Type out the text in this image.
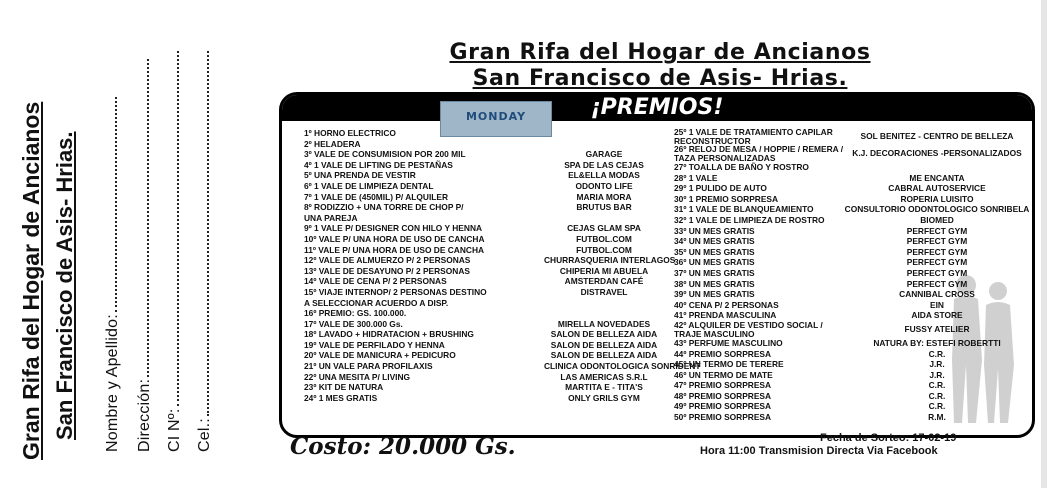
Gran Rifa del Hogar de Ancianos San Francisco de Asis- Hrias. Nombre y Apellido: Dirección: CI Nº: Cel.:
Gran Rifa del Hogar de Ancianos
San Francisco de Asis- Hrias.
¡PREMIOS!
MONDAY
1º HORNO ELECTRICO
2º HELADERA
3º VALE DE CONSUMISION POR 200 MIL	GARAGE
4º 1 VALE DE LIFTING DE PESTAÑAS	SPA DE LAS CEJAS
5º UNA PRENDA DE VESTIR	EL&ELLA MODAS
6º 1 VALE DE LIMPIEZA DENTAL	ODONTO LIFE
7º 1 VALE DE (450MIL) P/ ALQUILER	MARIA MORA
8º RODIZZIO + UNA TORRE DE CHOP P/	BRUTUS BAR
UNA PAREJA
9º 1 VALE P/ DESIGNER CON HILO Y HENNA	CEJAS GLAM SPA
10º VALE P/ UNA HORA DE USO DE CANCHA	FUTBOL.COM
11º VALE P/ UNA HORA DE USO DE CANCHA	FUTBOL.COM
12º VALE DE ALMUERZO P/ 2 PERSONAS	CHURRASQUERIA INTERLAGOS
13º VALE DE DESAYUNO P/ 2 PERSONAS	CHIPERIA MI ABUELA
14º VALE DE CENA P/ 2 PERSONAS	AMSTERDAN CAFÉ
15º VIAJE INTERNOP/ 2 PERSONAS DESTINO	DISTRAVEL
A SELECCIONAR ACUERDO A DISP.
16º PREMIO: GS. 100.000.
17º VALE DE 300.000 Gs.	MIRELLA NOVEDADES
18º LAVADO + HIDRATACION + BRUSHING	SALON DE BELLEZA AIDA
19º VALE DE PERFILADO Y HENNA	SALON DE BELLEZA AIDA
20º VALE DE MANICURA + PEDICURO	SALON DE BELLEZA AIDA
21º UN VALE PARA PROFILAXIS	CLINICA ODONTOLOGICA SONRIDENT
22º UNA MESITA P/ LIVING	LAS AMERICAS S.R.L
23º KIT DE NATURA	MARTITA E - TITA'S
24º 1 MES GRATIS	ONLY GRILS GYM
25º 1 VALE DE TRATAMIENTO CAPILAR RECONSTRUCTOR	SOL BENITEZ - CENTRO DE BELLEZA
26º RELOJ DE MESA / HOPPIE / REMERA / TAZA PERSONALIZADAS	K.J. DECORACIONES -PERSONALIZADOS
27º TOALLA DE BAÑO Y ROSTRO
28º 1 VALE	ME ENCANTA
29º 1 PULIDO DE AUTO	CABRAL AUTOSERVICE
30º 1 PREMIO SORPRESA	ROPERIA LUISITO
31º 1 VALE DE BLANQUEAMIENTO	CONSULTORIO ODONTOLOGICO SONRIBELA
32º 1 VALE DE LIMPIEZA DE ROSTRO	BIOMED
33º UN MES GRATIS	PERFECT GYM
34º UN MES GRATIS	PERFECT GYM
35º UN MES GRATIS	PERFECT GYM
36º UN MES GRATIS	PERFECT GYM
37º UN MES GRATIS	PERFECT GYM
38º UN MES GRATIS	PERFECT GYM
39º UN MES GRATIS	CANNIBAL CROSS
40º CENA P/ 2 PERSONAS	EIN
41º PRENDA MASCULINA	AIDA STORE
42º ALQUILER DE VESTIDO SOCIAL / TRAJE MASCULINO	FUSSY ATELIER
43º PERFUME MASCULINO	NATURA BY: ESTEFI ROBERTTI
44º PREMIO SORPRESA	C.R.
45º UN TERMO DE TERERE	J.R.
46º UN TERMO DE MATE	J.R.
47º PREMIO SORPRESA	C.R.
48º PREMIO SORPRESA	C.R.
49º PREMIO SORPRESA	C.R.
50º PREMIO SORPRESA	R.M.
Costo: 20.000 Gs.	Fecha de Sorteo: 17-02-19
Hora 11:00 Transmision Directa Via Facebook
